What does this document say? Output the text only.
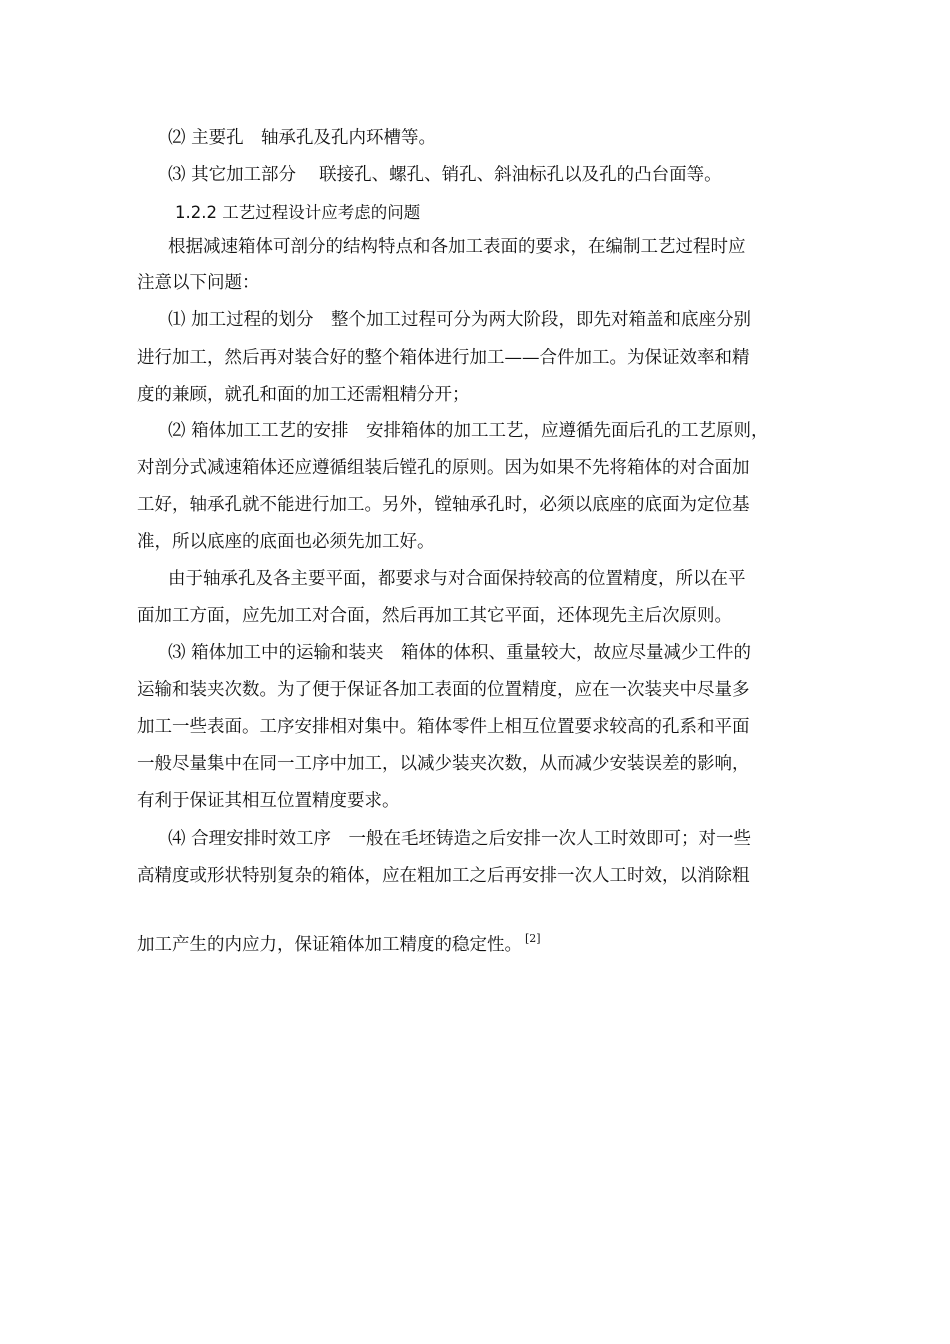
⑵ 主要孔　轴承孔及孔内环槽等。
⑶ 其它加工部分　 联接孔、螺孔、销孔、斜油标孔以及孔的凸台面等。
1.2.2 工艺过程设计应考虑的问题
根据减速箱体可剖分的结构特点和各加工表面的要求，在编制工艺过程时应
注意以下问题：
⑴ 加工过程的划分　整个加工过程可分为两大阶段，即先对箱盖和底座分别
进行加工，然后再对装合好的整个箱体进行加工——合件加工。为保证效率和精
度的兼顾，就孔和面的加工还需粗精分开；
⑵ 箱体加工工艺的安排　安排箱体的加工工艺，应遵循先面后孔的工艺原则，
对剖分式减速箱体还应遵循组装后镗孔的原则。因为如果不先将箱体的对合面加
工好，轴承孔就不能进行加工。另外，镗轴承孔时，必须以底座的底面为定位基
准，所以底座的底面也必须先加工好。
由于轴承孔及各主要平面，都要求与对合面保持较高的位置精度，所以在平
面加工方面，应先加工对合面，然后再加工其它平面，还体现先主后次原则。
⑶ 箱体加工中的运输和装夹　箱体的体积、重量较大，故应尽量减少工件的
运输和装夹次数。为了便于保证各加工表面的位置精度，应在一次装夹中尽量多
加工一些表面。工序安排相对集中。箱体零件上相互位置要求较高的孔系和平面
一般尽量集中在同一工序中加工，以减少装夹次数，从而减少安装误差的影响，
有利于保证其相互位置精度要求。
⑷ 合理安排时效工序　一般在毛坯铸造之后安排一次人工时效即可；对一些
高精度或形状特别复杂的箱体，应在粗加工之后再安排一次人工时效，以消除粗
加工产生的内应力，保证箱体加工精度的稳定性。 [2]
